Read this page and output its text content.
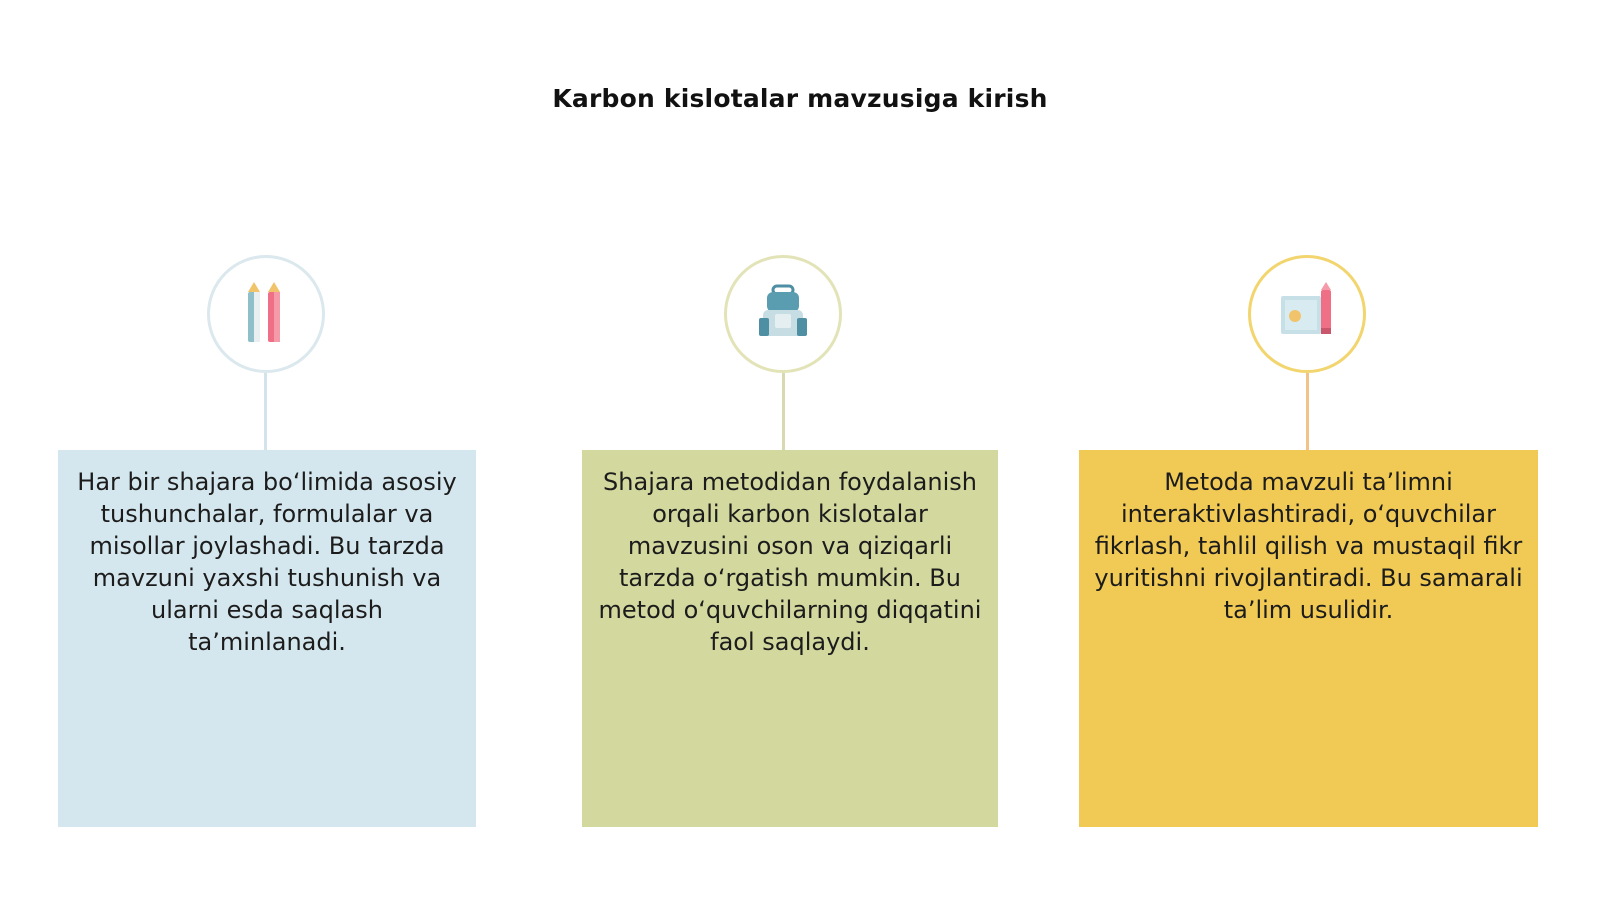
Karbon kislotalar mavzusiga kirish
Har bir shajara bo‘limida asosiy tushunchalar, formulalar va misollar joylashadi. Bu tarzda mavzuni yaxshi tushunish va ularni esda saqlash ta’minlanadi.
Shajara metodidan foydalanish orqali karbon kislotalar mavzusini oson va qiziqarli tarzda o‘rgatish mumkin. Bu metod o‘quvchilarning diqqatini faol saqlaydi.
Metoda mavzuli ta’limni interaktivlashtiradi, o‘quvchilar fikrlash, tahlil qilish va mustaqil fikr yuritishni rivojlantiradi. Bu samarali ta’lim usulidir.
